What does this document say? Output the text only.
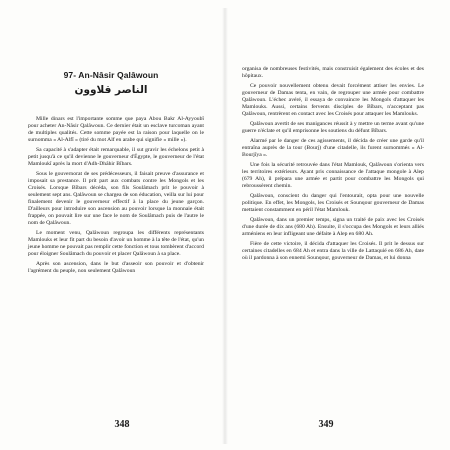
97- An-Nâsir Qalâwoun
الناصر قلاوون

Mille dinars est l'importante somme que paya Abou Bakr Al-Ayyoubî pour acheter An-Nâsir Qalâwoun. Ce dernier était un esclave turcoman ayant de multiples qualités. Cette somme payée est la raison pour laquelle on le surnomma « Al-Alfî » (tiré du mot Alf en arabe qui signifie « mille »).

Sa capacité à s'adapter était remarquable, il sut gravir les échelons petit à petit jusqu'à ce qu'il devienne le gouverneur d'Égypte, le gouverneur de l'état Mamloukî après la mort d'Adh-Dhâhir Bîbars.

Sous le gouvernorat de ses prédécesseurs, il faisait preuve d'assurance et imposait sa prestance. Il prit part aux combats contre les Mongols et les Croisés. Lorsque Bîbars décéda, son fils Soulâmach prit le pouvoir à seulement sept ans. Qalâwoun se chargea de son éducation, veilla sur lui pour finalement devenir le gouverneur effectif à la place du jeune garçon. D'ailleurs pour introduire son ascension au pouvoir lorsque la monnaie était frappée, on pouvait lire sur une face le nom de Soulâmach puis de l'autre le nom de Qalâwoun.

Le moment venu, Qalâwoun regroupa les différents représentants Mamlouks et leur fit part du besoin d'avoir un homme à la tête de l'état, qu'un jeune homme ne pouvait pas remplir cette fonction et tous tombèrent d'accord pour éloigner Soulâmach du pouvoir et placer Qalâwoun à sa place.

Après son ascension, dans le but d'asseoir son pouvoir et d'obtenir l'agrément du peuple, non seulement Qalâwoun

348

organisa de nombreuses festivités, mais construisit également des écoles et des hôpitaux.

Ce pouvoir nouvellement obtenu devait forcément attiser les envies. Le gouverneur de Damas tenta, en vain, de regrouper une armée pour combattre Qalâwoun. L'échec avéré, il essaya de convaincre les Mongols d'attaquer les Mamlouks. Aussi, certains fervents disciples de Bîbars, n'acceptant pas Qalâwoun, rentrèrent en contact avec les Croisés pour attaquer les Mamlouks.

Qalâwoun avertit de ses manigances réussit à y mettre un terme avant qu'une guerre n'éclate et qu'il emprisonne les soutiens du défunt Bîbars.

Alarmé par le danger de ces agissements, il décida de créer une garde qu'il entraîna auprès de la tour (Bourj) d'une citadelle, ils furent surnommés « Al-Bourjîya ».

Une fois la sécurité retrouvée dans l'état Mamlouk, Qalâwoun s'orienta vers les territoires extérieurs. Ayant pris connaissance de l'attaque mongole à Alep (679 Ah), il prépara une armée et partit pour combattre les Mongols qui rebroussèrent chemin.

Qalâwoun, conscient du danger qui l'entourait, opta pour une nouvelle politique. En effet, les Mongols, les Croisés et Sounqour gouverneur de Damas mettaient constamment en péril l'état Mamlouk.

Qalâwoun, dans un premier temps, signa un traité de paix avec les Croisés d'une durée de dix ans (680 Ah). Ensuite, il s'occupa des Mongols et leurs alliés arméniens en leur infligeant une défaite à Alep en 680 Ah.

Fière de cette victoire, il décida d'attaquer les Croisés. Il prit le dessus sur certaines citadelles en 684 Ah et entra dans la ville de Lattaquié en 686 Ah, date où il pardonna à son ennemi Sounqour, gouverneur de Damas, et lui donna

349
